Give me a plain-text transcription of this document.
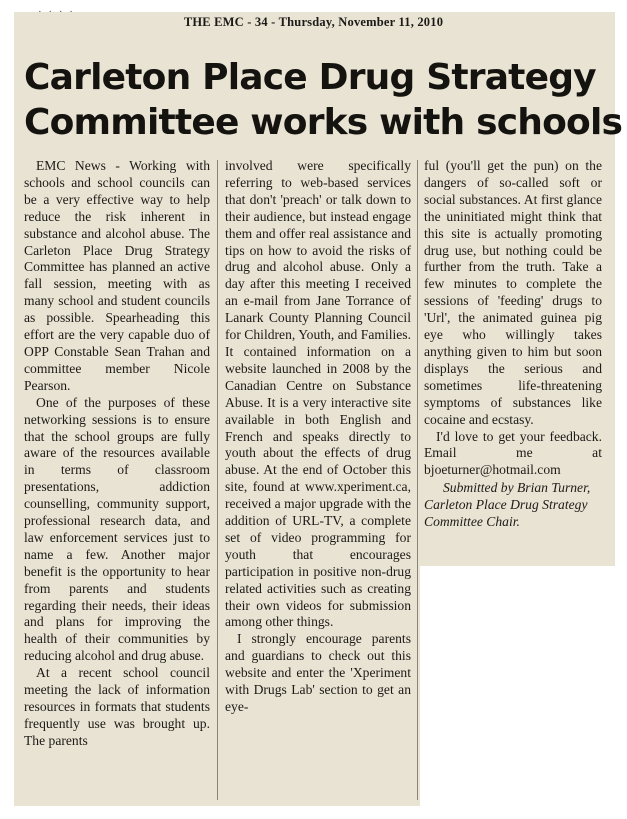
· · · ·
THE EMC - 34 - Thursday, November 11, 2010
Carleton Place Drug Strategy
Committee works with schools

EMC News - Working with schools and school councils can be a very effective way to help reduce the risk inherent in substance and alcohol abuse. The Carleton Place Drug Strategy Committee has planned an active fall session, meeting with as many school and student councils as possible. Spearheading this effort are the very capable duo of OPP Constable Sean Trahan and committee member Nicole Pearson.

One of the purposes of these networking sessions is to ensure that the school groups are fully aware of the resources available in terms of classroom presentations, addiction counselling, community support, professional research data, and law enforcement services just to name a few. Another major benefit is the opportunity to hear from parents and students regarding their needs, their ideas and plans for improving the health of their communities by reducing alcohol and drug abuse.

At a recent school council meeting the lack of information resources in formats that students frequently use was brought up. The parents

involved were specifically referring to web-based services that don't 'preach' or talk down to their audience, but instead engage them and offer real assistance and tips on how to avoid the risks of drug and alcohol abuse. Only a day after this meeting I received an e-mail from Jane Torrance of Lanark County Planning Council for Children, Youth, and Families. It contained information on a website launched in 2008 by the Canadian Centre on Substance Abuse. It is a very interactive site available in both English and French and speaks directly to youth about the effects of drug abuse. At the end of October this site, found at www.xperiment.ca, received a major upgrade with the addition of URL-TV, a complete set of video programming for youth that encourages participation in positive non-drug related activities such as creating their own videos for submission among other things.

I strongly encourage parents and guardians to check out this website and enter the 'Xperiment with Drugs Lab' section to get an eye-

ful (you'll get the pun) on the dangers of so-called soft or social substances. At first glance the uninitiated might think that this site is actually promoting drug use, but nothing could be further from the truth. Take a few minutes to complete the sessions of 'feeding' drugs to 'Url', the animated guinea pig eye who willingly takes anything given to him but soon displays the serious and sometimes life-threatening symptoms of substances like cocaine and ecstasy.

I'd love to get your feedback. Email me at bjoeturner@hotmail.com

Submitted by Brian Turner,
Carleton Place Drug Strategy
Committee Chair.
